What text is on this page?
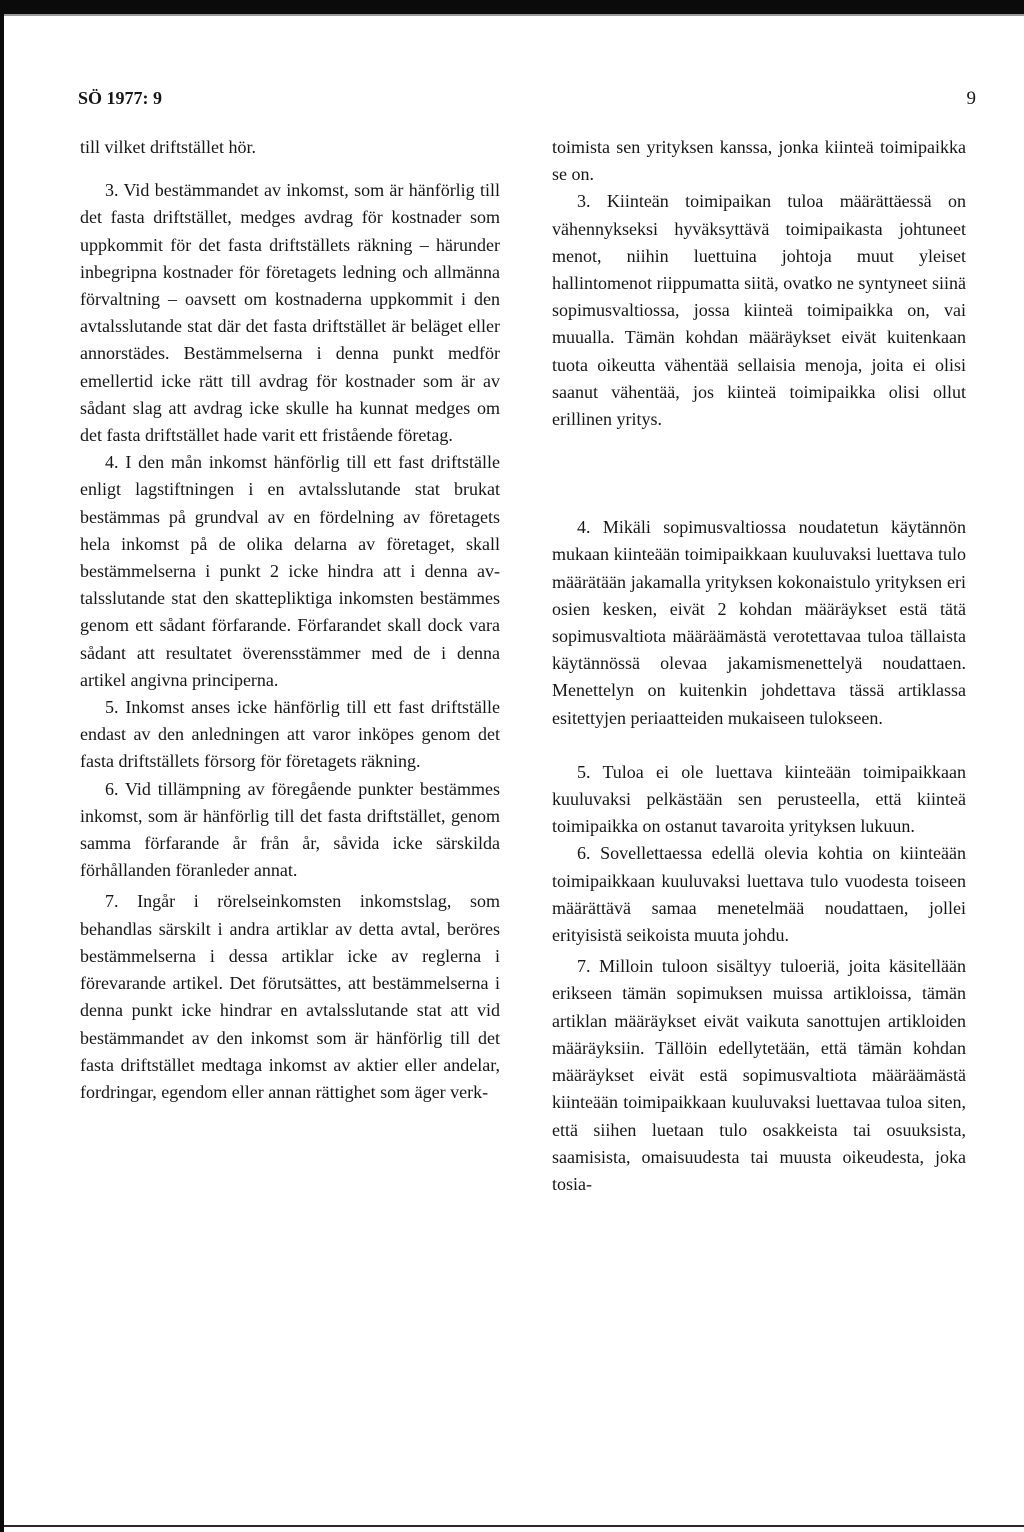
SÖ 1977: 9	9

till vilket driftstället hör.

3. Vid bestämmandet av inkomst, som är hänförlig till det fasta driftstället, medges avdrag för kostnader som uppkommit för det fasta driftställets räkning – härunder inbegripna kostnader för företagets ledning och allmänna förvaltning – oavsett om kostnaderna uppkommit i den avtalsslutande stat där det fasta driftstället är beläget eller annorstädes. Bestämmelserna i denna punkt medför emellertid icke rätt till avdrag för kostnader som är av sådant slag att avdrag icke skulle ha kunnat medges om det fasta driftstället hade varit ett fristående företag.

4. I den mån inkomst hänförlig till ett fast driftställe enligt lagstiftningen i en avtalsslutande stat brukat bestämmas på grundval av en fördelning av företagets hela inkomst på de olika delarna av företaget, skall bestämmelserna i punkt 2 icke hindra att i denna avtalsslutande stat den skattepliktiga inkomsten bestämmes genom ett sådant förfarande. Förfarandet skall dock vara sådant att resultatet överensstämmer med de i denna artikel angivna principerna.

5. Inkomst anses icke hänförlig till ett fast driftställe endast av den anledningen att varor inköpes genom det fasta driftställets försorg för företagets räkning.

6. Vid tillämpning av föregående punkter bestämmes inkomst, som är hänförlig till det fasta driftstället, genom samma förfarande år från år, såvida icke särskilda förhållanden föranleder annat.

7. Ingår i rörelseinkomsten inkomstslag, som behandlas särskilt i andra artiklar av detta avtal, beröres bestämmelserna i dessa artiklar icke av reglerna i förevarande artikel. Det förutsättes, att bestämmelserna i denna punkt icke hindrar en avtalsslutande stat att vid bestämmandet av den inkomst som är hänförlig till det fasta driftstället medtaga inkomst av aktier eller andelar, fordringar, egendom eller annan rättighet som äger verk-

toimista sen yrityksen kanssa, jonka kiinteä toimipaikka se on.

3. Kiinteän toimipaikan tuloa määrättäessä on vähennykseksi hyväksyttävä toimipaikasta johtuneet menot, niihin luettuina johtoja muut yleiset hallintomenot riippumatta siitä, ovatko ne syntyneet siinä sopimusvaltiossa, jossa kiinteä toimipaikka on, vai muualla. Tämän kohdan määräykset eivät kuitenkaan tuota oikeutta vähentää sellaisia menoja, joita ei olisi saanut vähentää, jos kiinteä toimipaikka olisi ollut erillinen yritys.

4. Mikäli sopimusvaltiossa noudatetun käytännön mukaan kiinteään toimipaikkaan kuuluvaksi luettava tulo määrätään jakamalla yrityksen kokonaistulo yrityksen eri osien kesken, eivät 2 kohdan määräykset estä tätä sopimusvaltiota määräämästä verotettavaa tuloa tällaista käytännössä olevaa jakamismenettelyä noudattaen. Menettelyn on kuitenkin johdettava tässä artiklassa esitettyjen periaatteiden mukaiseen tulokseen.

5. Tuloa ei ole luettava kiinteään toimipaikkaan kuuluvaksi pelkästään sen perusteella, että kiinteä toimipaikka on ostanut tavaroita yrityksen lukuun.

6. Sovellettaessa edellä olevia kohtia on kiinteään toimipaikkaan kuuluvaksi luettava tulo vuodesta toiseen määrättävä samaa menetelmää noudattaen, jollei erityisistä seikoista muuta johdu.

7. Milloin tuloon sisältyy tuloeriä, joita käsitellään erikseen tämän sopimuksen muissa artikloissa, tämän artiklan määräykset eivät vaikuta sanottujen artikloiden määräyksiin. Tällöin edellytetään, että tämän kohdan määräykset eivät estä sopimusvaltiota määräämästä kiinteään toimipaikkaan kuuluvaksi luettavaa tuloa siten, että siihen luetaan tulo osakkeista tai osuuksista, saamisista, omaisuudesta tai muusta oikeudesta, joka tosia-
